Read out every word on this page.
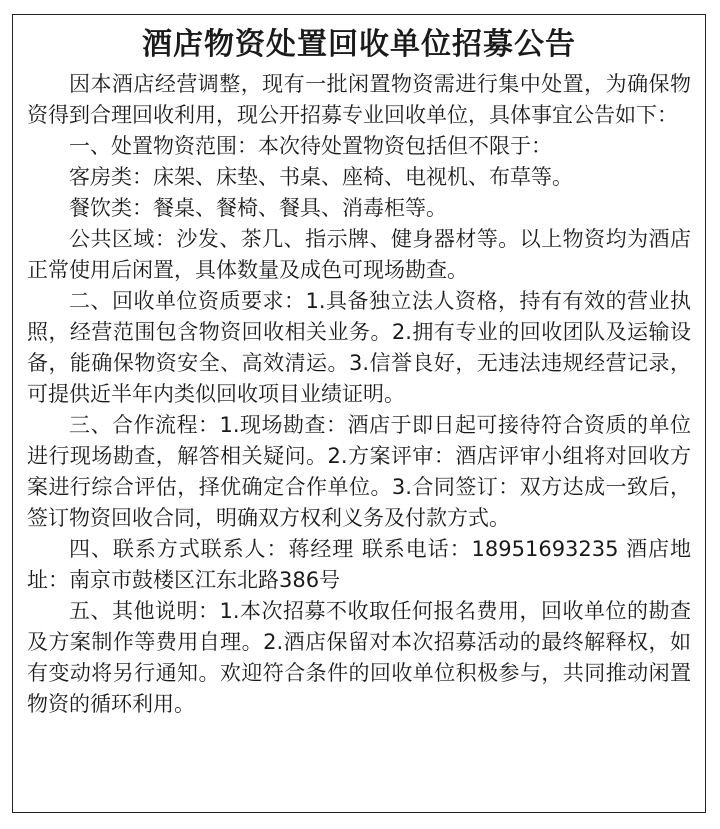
酒店物资处置回收单位招募公告

因本酒店经营调整，现有一批闲置物资需进行集中处置，为确保物资得到合理回收利用，现公开招募专业回收单位，具体事宜公告如下：

一、处置物资范围：本次待处置物资包括但不限于：

客房类：床架、床垫、书桌、座椅、电视机、布草等。

餐饮类：餐桌、餐椅、餐具、消毒柜等。

公共区域：沙发、茶几、指示牌、健身器材等。以上物资均为酒店正常使用后闲置，具体数量及成色可现场勘查。

二、回收单位资质要求：1.具备独立法人资格，持有有效的营业执照，经营范围包含物资回收相关业务。2.拥有专业的回收团队及运输设备，能确保物资安全、高效清运。3.信誉良好，无违法违规经营记录，可提供近半年内类似回收项目业绩证明。

三、合作流程：1.现场勘查：酒店于即日起可接待符合资质的单位进行现场勘查，解答相关疑问。2.方案评审：酒店评审小组将对回收方案进行综合评估，择优确定合作单位。3.合同签订：双方达成一致后，签订物资回收合同，明确双方权利义务及付款方式。

四、联系方式联系人：蒋经理 联系电话：18951693235 酒店地址：南京市鼓楼区江东北路386号

五、其他说明：1.本次招募不收取任何报名费用，回收单位的勘查及方案制作等费用自理。2.酒店保留对本次招募活动的最终解释权，如有变动将另行通知。欢迎符合条件的回收单位积极参与，共同推动闲置物资的循环利用。
